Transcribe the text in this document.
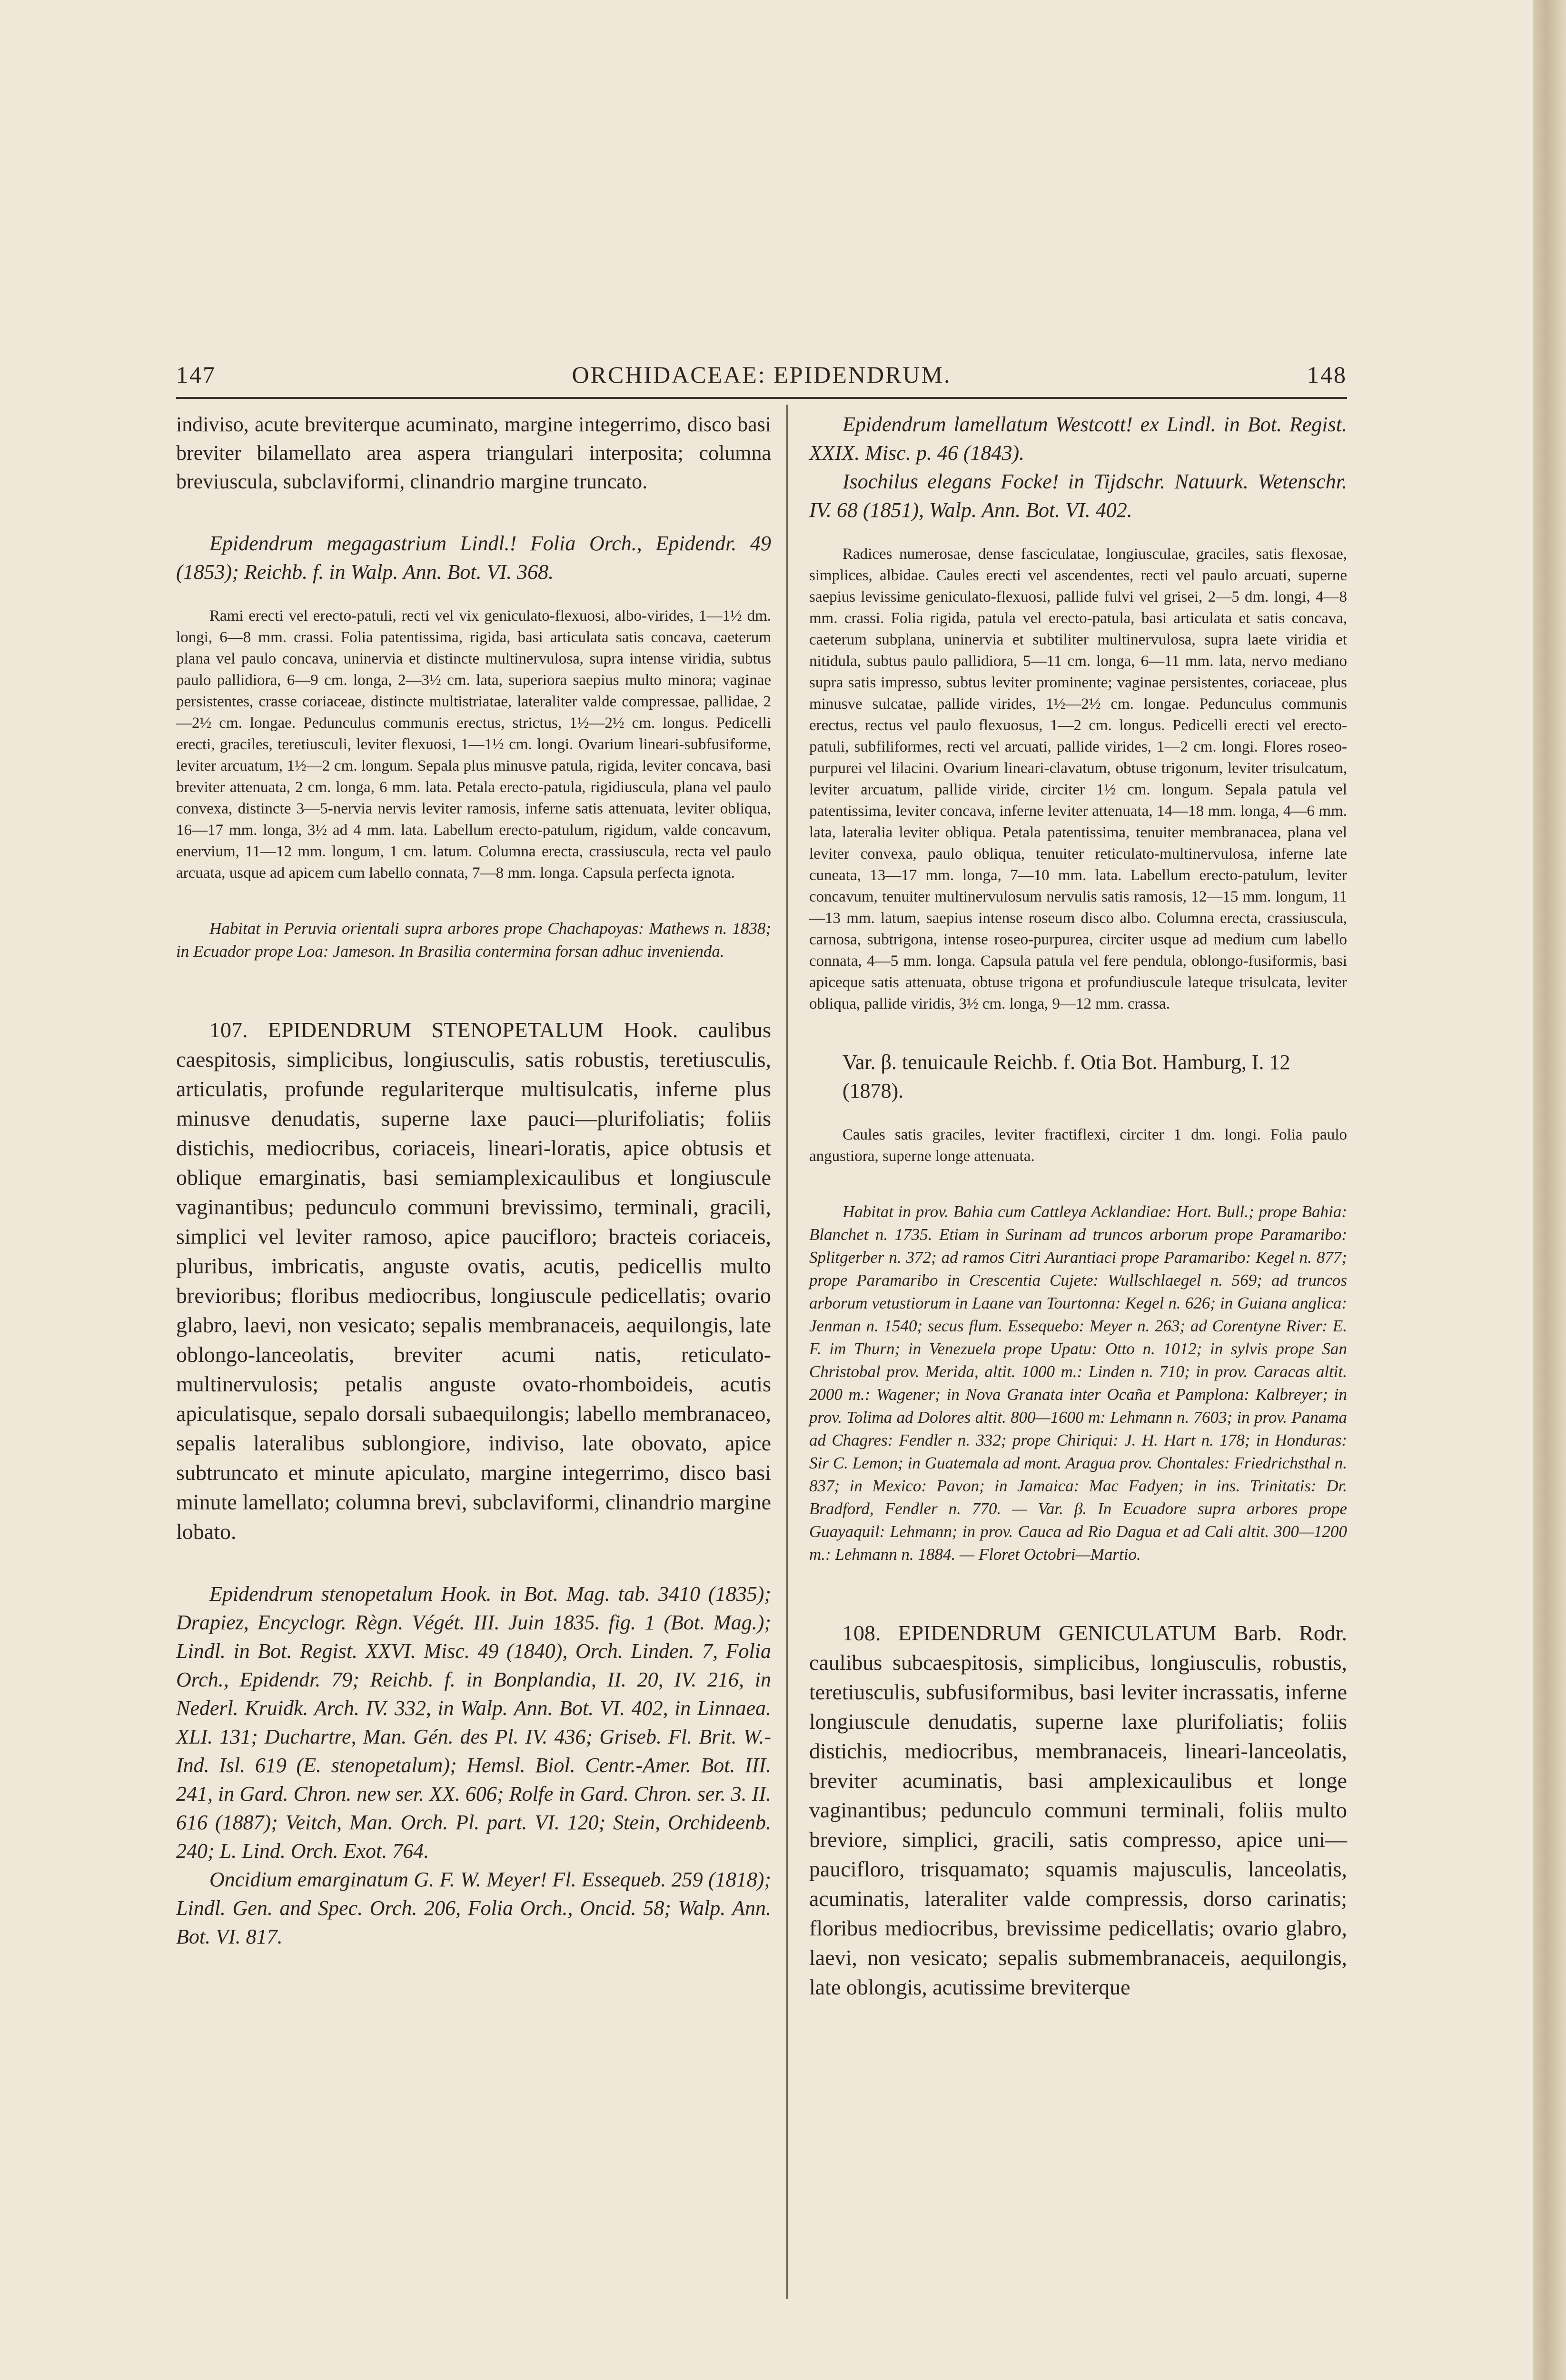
147	ORCHIDACEAE: EPIDENDRUM.	148

indiviso, acute breviterque acuminato, margine integerrimo, disco basi breviter bilamellato area aspera triangulari interposita; columna breviuscula, subclaviformi, clinandrio margine truncato.

Epidendrum megagastrium Lindl.! Folia Orch., Epidendr. 49 (1853); Reichb. f. in Walp. Ann. Bot. VI. 368.

Rami erecti vel erecto-patuli, recti vel vix geniculato-flexuosi, albo-virides, 1—1½ dm. longi, 6—8 mm. crassi. Folia patentissima, rigida, basi articulata satis concava, caeterum plana vel paulo concava, uninervia et distincte multinervulosa, supra intense viridia, subtus paulo pallidiora, 6—9 cm. longa, 2—3½ cm. lata, superiora saepius multo minora; vaginae persistentes, crasse coriaceae, distincte multistriatae, lateraliter valde compressae, pallidae, 2—2½ cm. longae. Pedunculus communis erectus, strictus, 1½—2½ cm. longus. Pedicelli erecti, graciles, teretiusculi, leviter flexuosi, 1—1½ cm. longi. Ovarium lineari-subfusiforme, leviter arcuatum, 1½—2 cm. longum. Sepala plus minusve patula, rigida, leviter concava, basi breviter attenuata, 2 cm. longa, 6 mm. lata. Petala erecto-patula, rigidiuscula, plana vel paulo convexa, distincte 3—5-nervia nervis leviter ramosis, inferne satis attenuata, leviter obliqua, 16—17 mm. longa, 3½ ad 4 mm. lata. Labellum erecto-patulum, rigidum, valde concavum, enervium, 11—12 mm. longum, 1 cm. latum. Columna erecta, crassiuscula, recta vel paulo arcuata, usque ad apicem cum labello connata, 7—8 mm. longa. Capsula perfecta ignota.

Habitat in Peruvia orientali supra arbores prope Chachapoyas: Mathews n. 1838; in Ecuador prope Loa: Jameson. In Brasilia contermina forsan adhuc invenienda.

107. EPIDENDRUM STENOPETALUM Hook. caulibus caespitosis, simplicibus, longiusculis, satis robustis, teretiusculis, articulatis, profunde regulariterque multisulcatis, inferne plus minusve denudatis, superne laxe pauci—plurifoliatis; foliis distichis, mediocribus, coriaceis, lineari-loratis, apice obtusis et oblique emarginatis, basi semiamplexicaulibus et longiuscule vaginantibus; pedunculo communi brevissimo, terminali, gracili, simplici vel leviter ramoso, apice paucifloro; bracteis coriaceis, pluribus, imbricatis, anguste ovatis, acutis, pedicellis multo brevioribus; floribus mediocribus, longiuscule pedicellatis; ovario glabro, laevi, non vesicato; sepalis membranaceis, aequilongis, late oblongo-lanceolatis, breviter acumi natis, reticulato-multinervulosis; petalis anguste ovato-rhomboideis, acutis apiculatisque, sepalo dorsali subaequilongis; labello membranaceo, sepalis lateralibus sublongiore, indiviso, late obovato, apice subtruncato et minute apiculato, margine integerrimo, disco basi minute lamellato; columna brevi, subclaviformi, clinandrio margine lobato.

Epidendrum stenopetalum Hook. in Bot. Mag. tab. 3410 (1835); Drapiez, Encyclogr. Règn. Végét. III. Juin 1835. fig. 1 (Bot. Mag.); Lindl. in Bot. Regist. XXVI. Misc. 49 (1840), Orch. Linden. 7, Folia Orch., Epidendr. 79; Reichb. f. in Bonplandia, II. 20, IV. 216, in Nederl. Kruidk. Arch. IV. 332, in Walp. Ann. Bot. VI. 402, in Linnaea. XLI. 131; Duchartre, Man. Gén. des Pl. IV. 436; Griseb. Fl. Brit. W.-Ind. Isl. 619 (E. stenopetalum); Hemsl. Biol. Centr.-Amer. Bot. III. 241, in Gard. Chron. new ser. XX. 606; Rolfe in Gard. Chron. ser. 3. II. 616 (1887); Veitch, Man. Orch. Pl. part. VI. 120; Stein, Orchideenb. 240; L. Lind. Orch. Exot. 764.

Oncidium emarginatum G. F. W. Meyer! Fl. Essequeb. 259 (1818); Lindl. Gen. and Spec. Orch. 206, Folia Orch., Oncid. 58; Walp. Ann. Bot. VI. 817.

Epidendrum lamellatum Westcott! ex Lindl. in Bot. Regist. XXIX. Misc. p. 46 (1843).

Isochilus elegans Focke! in Tijdschr. Natuurk. Wetenschr. IV. 68 (1851), Walp. Ann. Bot. VI. 402.

Radices numerosae, dense fasciculatae, longiusculae, graciles, satis flexosae, simplices, albidae. Caules erecti vel ascendentes, recti vel paulo arcuati, superne saepius levissime geniculato-flexuosi, pallide fulvi vel grisei, 2—5 dm. longi, 4—8 mm. crassi. Folia rigida, patula vel erecto-patula, basi articulata et satis concava, caeterum subplana, uninervia et subtiliter multinervulosa, supra laete viridia et nitidula, subtus paulo pallidiora, 5—11 cm. longa, 6—11 mm. lata, nervo mediano supra satis impresso, subtus leviter prominente; vaginae persistentes, coriaceae, plus minusve sulcatae, pallide virides, 1½—2½ cm. longae. Pedunculus communis erectus, rectus vel paulo flexuosus, 1—2 cm. longus. Pedicelli erecti vel erecto-patuli, subfiliformes, recti vel arcuati, pallide virides, 1—2 cm. longi. Flores roseo-purpurei vel lilacini. Ovarium lineari-clavatum, obtuse trigonum, leviter trisulcatum, leviter arcuatum, pallide viride, circiter 1½ cm. longum. Sepala patula vel patentissima, leviter concava, inferne leviter attenuata, 14—18 mm. longa, 4—6 mm. lata, lateralia leviter obliqua. Petala patentissima, tenuiter membranacea, plana vel leviter convexa, paulo obliqua, tenuiter reticulato-multinervulosa, inferne late cuneata, 13—17 mm. longa, 7—10 mm. lata. Labellum erecto-patulum, leviter concavum, tenuiter multinervulosum nervulis satis ramosis, 12—15 mm. longum, 11—13 mm. latum, saepius intense roseum disco albo. Columna erecta, crassiuscula, carnosa, subtrigona, intense roseo-purpurea, circiter usque ad medium cum labello connata, 4—5 mm. longa. Capsula patula vel fere pendula, oblongo-fusiformis, basi apiceque satis attenuata, obtuse trigona et profundiuscule lateque trisulcata, leviter obliqua, pallide viridis, 3½ cm. longa, 9—12 mm. crassa.

Var. β. tenuicaule Reichb. f. Otia Bot. Hamburg, I. 12 (1878).

Caules satis graciles, leviter fractiflexi, circiter 1 dm. longi. Folia paulo angustiora, superne longe attenuata.

Habitat in prov. Bahia cum Cattleya Acklandiae: Hort. Bull.; prope Bahia: Blanchet n. 1735. Etiam in Surinam ad truncos arborum prope Paramaribo: Splitgerber n. 372; ad ramos Citri Aurantiaci prope Paramaribo: Kegel n. 877; prope Paramaribo in Crescentia Cujete: Wullschlaegel n. 569; ad truncos arborum vetustiorum in Laane van Tourtonna: Kegel n. 626; in Guiana anglica: Jenman n. 1540; secus flum. Essequebo: Meyer n. 263; ad Corentyne River: E. F. im Thurn; in Venezuela prope Upatu: Otto n. 1012; in sylvis prope San Christobal prov. Merida, altit. 1000 m.: Linden n. 710; in prov. Caracas altit. 2000 m.: Wagener; in Nova Granata inter Ocaña et Pamplona: Kalbreyer; in prov. Tolima ad Dolores altit. 800—1600 m: Lehmann n. 7603; in prov. Panama ad Chagres: Fendler n. 332; prope Chiriqui: J. H. Hart n. 178; in Honduras: Sir C. Lemon; in Guatemala ad mont. Aragua prov. Chontales: Friedrichsthal n. 837; in Mexico: Pavon; in Jamaica: Mac Fadyen; in ins. Trinitatis: Dr. Bradford, Fendler n. 770. — Var. β. In Ecuadore supra arbores prope Guayaquil: Lehmann; in prov. Cauca ad Rio Dagua et ad Cali altit. 300—1200 m.: Lehmann n. 1884. — Floret Octobri—Martio.

108. EPIDENDRUM GENICULATUM Barb. Rodr. caulibus subcaespitosis, simplicibus, longiusculis, robustis, teretiusculis, subfusiformibus, basi leviter incrassatis, inferne longiuscule denudatis, superne laxe plurifoliatis; foliis distichis, mediocribus, membranaceis, lineari-lanceolatis, breviter acuminatis, basi amplexicaulibus et longe vaginantibus; pedunculo communi terminali, foliis multo breviore, simplici, gracili, satis compresso, apice uni—paucifloro, trisquamato; squamis majusculis, lanceolatis, acuminatis, lateraliter valde compressis, dorso carinatis; floribus mediocribus, brevissime pedicellatis; ovario glabro, laevi, non vesicato; sepalis submembranaceis, aequilongis, late oblongis, acutissime breviterque
